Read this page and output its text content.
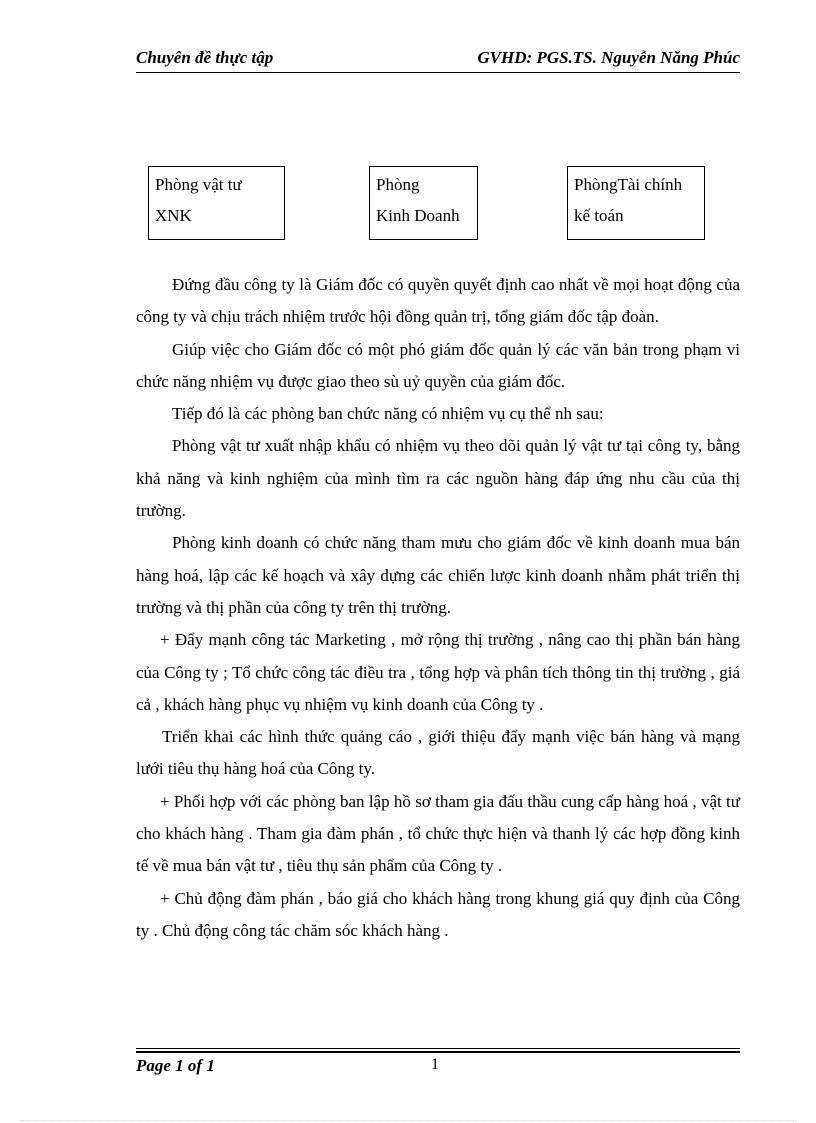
Chuyên đề thực tập	GVHD: PGS.TS. Nguyễn Năng Phúc
Phòng vật tư
XNK
Phòng
Kinh Doanh
PhòngTài chính
kế toán

Đứng đầu công ty là Giám đốc có quyền quyết định cao nhất về mọi hoạt động của công ty và chịu trách nhiệm trước hội đồng quản trị, tổng giám đốc tập đoàn.

Giúp việc cho Giám đốc có một phó giám đốc quản lý các văn bản trong phạm vi chức năng nhiệm vụ được giao theo sù uỷ quyền của giám đốc.

Tiếp đó là các phòng ban chức năng có nhiệm vụ cụ thể nh sau:

Phòng vật tư xuất nhập khẩu có nhiệm vụ theo dõi quản lý vật tư tại công ty, bằng khả năng và kinh nghiệm của mình tìm ra các nguồn hàng đáp ứng nhu cầu của thị trường.

Phòng kinh doanh có chức năng tham mưu cho giám đốc về kinh doanh mua bán hàng hoá, lập các kế hoạch và xây dựng các chiến lược kinh doanh nhằm phát triển thị trường và thị phần của công ty trên thị trường.

+ Đẩy mạnh công tác Marketing , mở rộng thị trường , nâng cao thị phần bán hàng của Công ty ; Tổ chức công tác điều tra , tổng hợp và phân tích thông tin thị trường , giá cả , khách hàng phục vụ nhiệm vụ kinh doanh của Công ty .

Triển khai các hình thức quảng cáo , giới thiệu đẩy mạnh việc bán hàng và mạng lưới tiêu thụ hàng hoá của Công ty.

+ Phối hợp với các phòng ban lập hồ sơ tham gia đấu thầu cung cấp hàng hoá , vật tư cho khách hàng . Tham gia đàm phán , tổ chức thực hiện và thanh lý các hợp đồng kinh tế về mua bán vật tư , tiêu thụ sản phẩm của Công ty .

+ Chủ động đàm phán , báo giá cho khách hàng trong khung giá quy định của Công ty . Chủ động công tác chăm sóc khách hàng .

Page 1 of 1	1
